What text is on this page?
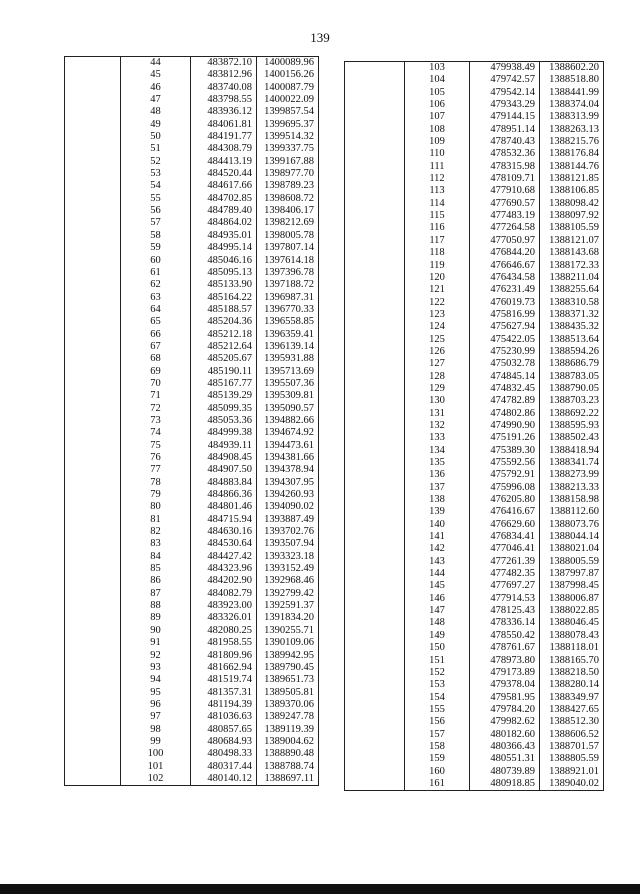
139
	44	483872.10	1400089.96
	45	483812.96	1400156.26
	46	483740.08	1400087.79
	47	483798.55	1400022.09
	48	483936.12	1399857.54
	49	484061.81	1399695.37
	50	484191.77	1399514.32
	51	484308.79	1399337.75
	52	484413.19	1399167.88
	53	484520.44	1398977.70
	54	484617.66	1398789.23
	55	484702.85	1398608.72
	56	484789.40	1398406.17
	57	484864.02	1398212.69
	58	484935.01	1398005.78
	59	484995.14	1397807.14
	60	485046.16	1397614.18
	61	485095.13	1397396.78
	62	485133.90	1397188.72
	63	485164.22	1396987.31
	64	485188.57	1396770.33
	65	485204.36	1396558.85
	66	485212.18	1396359.41
	67	485212.64	1396139.14
	68	485205.67	1395931.88
	69	485190.11	1395713.69
	70	485167.77	1395507.36
	71	485139.29	1395309.81
	72	485099.35	1395090.57
	73	485053.36	1394882.66
	74	484999.38	1394674.92
	75	484939.11	1394473.61
	76	484908.45	1394381.66
	77	484907.50	1394378.94
	78	484883.84	1394307.95
	79	484866.36	1394260.93
	80	484801.46	1394090.02
	81	484715.94	1393887.49
	82	484630.16	1393702.76
	83	484530.64	1393507.94
	84	484427.42	1393323.18
	85	484323.96	1393152.49
	86	484202.90	1392968.46
	87	484082.79	1392799.42
	88	483923.00	1392591.37
	89	483326.01	1391834.20
	90	482080.25	1390255.71
	91	481958.55	1390109.06
	92	481809.96	1389942.95
	93	481662.94	1389790.45
	94	481519.74	1389651.73
	95	481357.31	1389505.81
	96	481194.39	1389370.06
	97	481036.63	1389247.78
	98	480857.65	1389119.39
	99	480684.93	1389004.62
	100	480498.33	1388890.48
	101	480317.44	1388788.74
	102	480140.12	1388697.11
	103	479938.49	1388602.20
	104	479742.57	1388518.80
	105	479542.14	1388441.99
	106	479343.29	1388374.04
	107	479144.15	1388313.99
	108	478951.14	1388263.13
	109	478740.43	1388215.76
	110	478532.36	1388176.84
	111	478315.98	1388144.76
	112	478109.71	1388121.85
	113	477910.68	1388106.85
	114	477690.57	1388098.42
	115	477483.19	1388097.92
	116	477264.58	1388105.59
	117	477050.97	1388121.07
	118	476844.20	1388143.68
	119	476646.67	1388172.33
	120	476434.58	1388211.04
	121	476231.49	1388255.64
	122	476019.73	1388310.58
	123	475816.99	1388371.32
	124	475627.94	1388435.32
	125	475422.05	1388513.64
	126	475230.99	1388594.26
	127	475032.78	1388686.79
	128	474845.14	1388783.05
	129	474832.45	1388790.05
	130	474782.89	1388703.23
	131	474802.86	1388692.22
	132	474990.90	1388595.93
	133	475191.26	1388502.43
	134	475389.30	1388418.94
	135	475592.56	1388341.74
	136	475792.91	1388273.99
	137	475996.08	1388213.33
	138	476205.80	1388158.98
	139	476416.67	1388112.60
	140	476629.60	1388073.76
	141	476834.41	1388044.14
	142	477046.41	1388021.04
	143	477261.39	1388005.59
	144	477482.35	1387997.87
	145	477697.27	1387998.45
	146	477914.53	1388006.87
	147	478125.43	1388022.85
	148	478336.14	1388046.45
	149	478550.42	1388078.43
	150	478761.67	1388118.01
	151	478973.80	1388165.70
	152	479173.89	1388218.50
	153	479378.04	1388280.14
	154	479581.95	1388349.97
	155	479784.20	1388427.65
	156	479982.62	1388512.30
	157	480182.60	1388606.52
	158	480366.43	1388701.57
	159	480551.31	1388805.59
	160	480739.89	1388921.01
	161	480918.85	1389040.02
